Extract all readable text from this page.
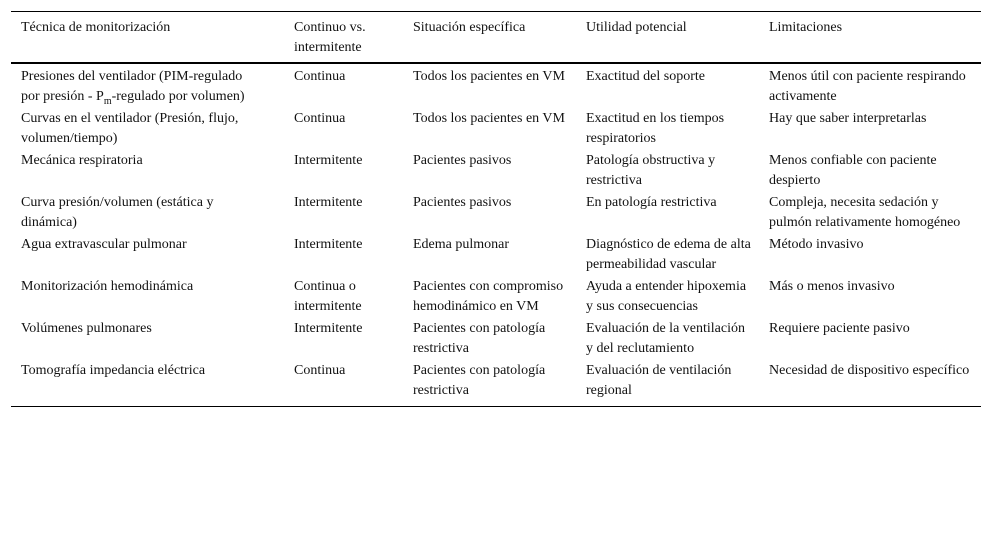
Técnica de monitorización	Continuo vs. intermitente	Situación específica	Utilidad potencial	Limitaciones
Presiones del ventilador (PIM-regulado por presión - $P_m$-regulado por volumen)	Continua	Todos los pacientes en VM	Exactitud del soporte	Menos útil con paciente respirando activamente
Curvas en el ventilador (Presión, flujo, volumen/tiempo)	Continua	Todos los pacientes en VM	Exactitud en los tiempos respiratorios	Hay que saber interpretarlas
Mecánica respiratoria	Intermitente	Pacientes pasivos	Patología obstructiva y restrictiva	Menos confiable con paciente despierto
Curva presión/volumen (estática y dinámica)	Intermitente	Pacientes pasivos	En patología restrictiva	Compleja, necesita sedación y pulmón relativamente homogéneo
Agua extravascular pulmonar	Intermitente	Edema pulmonar	Diagnóstico de edema de alta permeabilidad vascular	Método invasivo
Monitorización hemodinámica	Continua o intermitente	Pacientes con compromiso hemodinámico en VM	Ayuda a entender hipoxemia y sus consecuencias	Más o menos invasivo
Volúmenes pulmonares	Intermitente	Pacientes con patología restrictiva	Evaluación de la ventilación y del reclutamiento	Requiere paciente pasivo
Tomografía impedancia eléctrica	Continua	Pacientes con patología restrictiva	Evaluación de ventilación regional	Necesidad de dispositivo específico
